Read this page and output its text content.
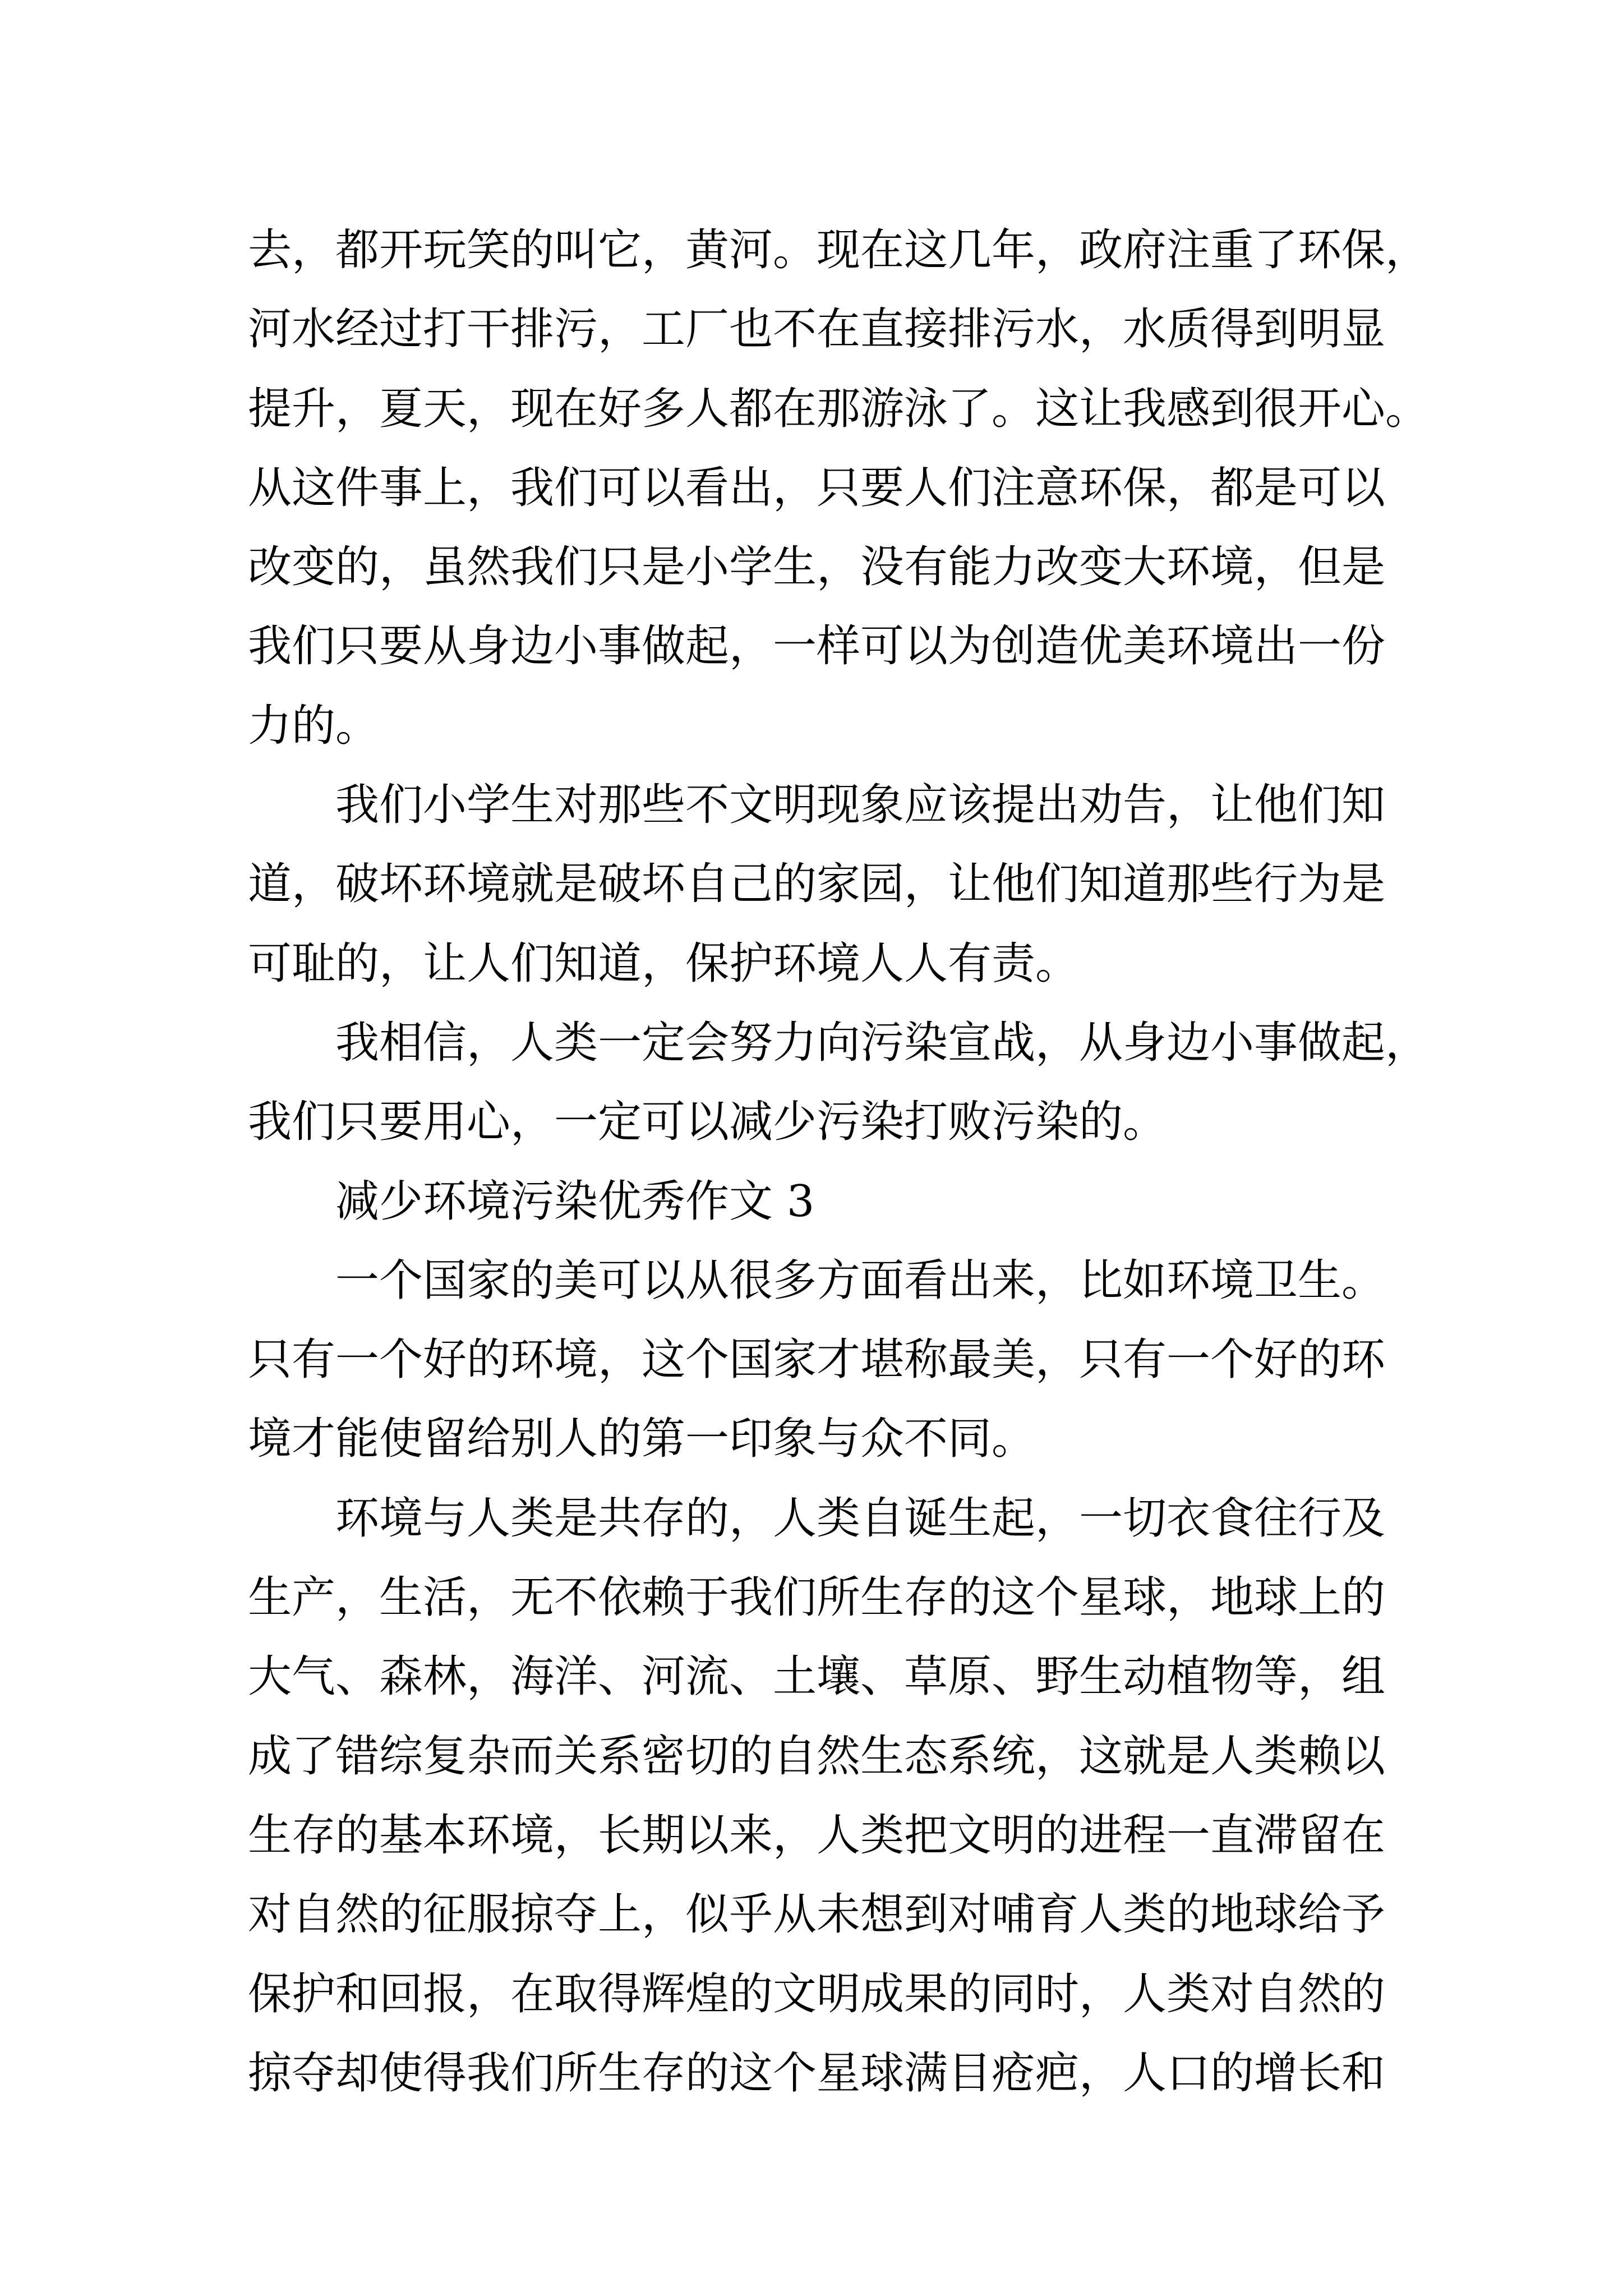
去，都开玩笑的叫它，黄河。现在这几年，政府注重了环保，
河水经过打干排污，工厂也不在直接排污水，水质得到明显
提升，夏天，现在好多人都在那游泳了。这让我感到很开心。
从这件事上，我们可以看出，只要人们注意环保，都是可以
改变的，虽然我们只是小学生，没有能力改变大环境，但是
我们只要从身边小事做起，一样可以为创造优美环境出一份
力的。
我们小学生对那些不文明现象应该提出劝告，让他们知
道，破坏环境就是破坏自己的家园，让他们知道那些行为是
可耻的，让人们知道，保护环境人人有责。
我相信，人类一定会努力向污染宣战，从身边小事做起，
我们只要用心，一定可以减少污染打败污染的。
减少环境污染优秀作文 3
一个国家的美可以从很多方面看出来，比如环境卫生。
只有一个好的环境，这个国家才堪称最美，只有一个好的环
境才能使留给别人的第一印象与众不同。
环境与人类是共存的，人类自诞生起，一切衣食往行及
生产，生活，无不依赖于我们所生存的这个星球，地球上的
大气、森林，海洋、河流、土壤、草原、野生动植物等，组
成了错综复杂而关系密切的自然生态系统，这就是人类赖以
生存的基本环境，长期以来，人类把文明的进程一直滞留在
对自然的征服掠夺上，似乎从未想到对哺育人类的地球给予
保护和回报，在取得辉煌的文明成果的同时，人类对自然的
掠夺却使得我们所生存的这个星球满目疮疤，人口的增长和
